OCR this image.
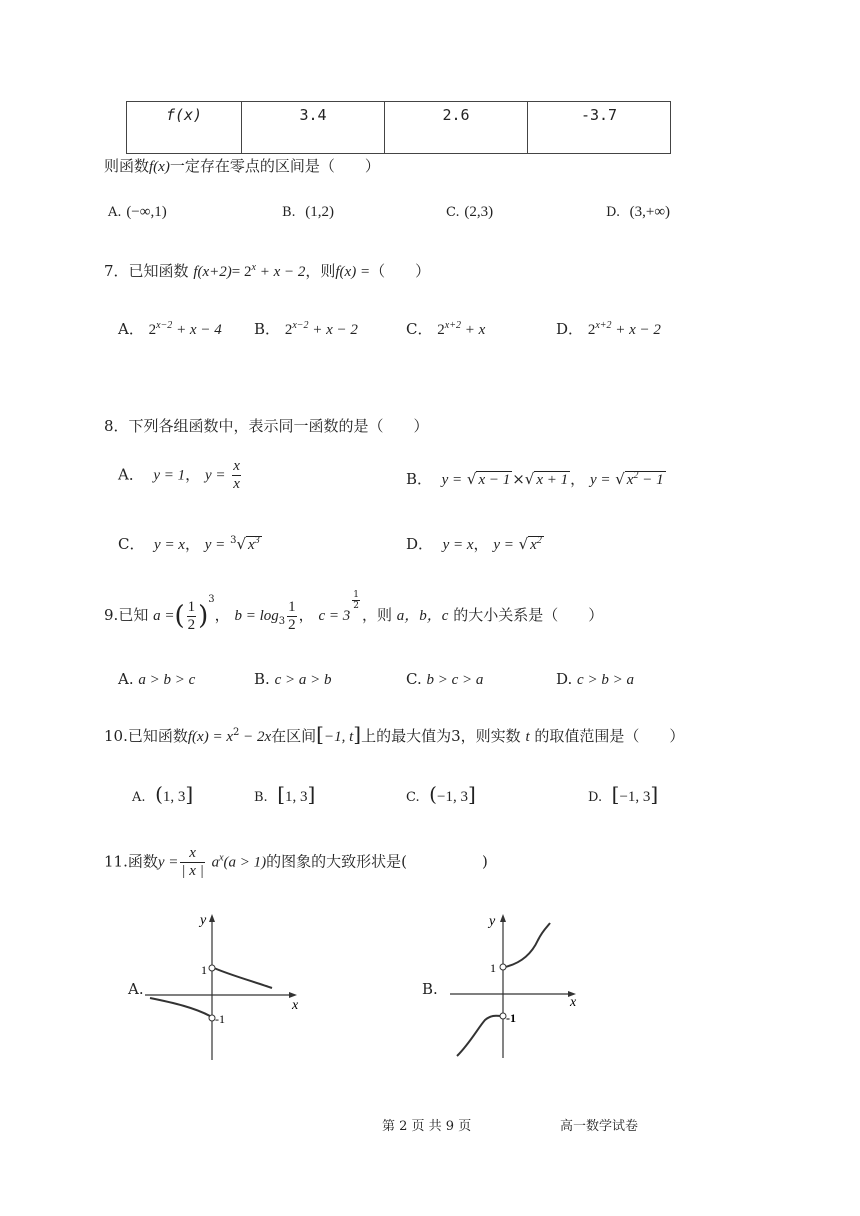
f(x)	3.4	2.6	-3.7
则函数f(x)一定存在零点的区间是（　　）
A. (−∞,1)	B. (1,2)	C. (2,3)	D. (3,+∞)
7．已知函数 $f(x+2)= 2^x + x - 2$，则f(x) =（　　）
A． $2^{x-2} + x - 4$ B． $2^{x-2} + x - 2$	C． $2^{x+2} + x$	D． $2^{x+2} + x - 2$
8．下列各组函数中，表示同一函数的是（　　）
A． y = 1， $y = \frac{x}{x}$	B． y = √ x − 1 ×√ x + 1 ， y = √ $x^2 - 1$
C． y = x， y = $^3$√ $x^3$	D． y = x， y = √ $x^2$
9.已知 a =( $\frac{1}{2} )^3$， $b = \log_3 \frac{1}{2}$ ， c = 3
$\frac{1}{2}$
，则 a，b，c 的大小关系是（　　）
A. a > b > c	B. c > a > b	C. b > c > a	D. c > b > a
10.已知函数$f(x) = x^2 - 2x$在区间[−1, t]上的最大值为3，则实数 t 的取值范围是（　　）
A. (1, 3]	B. [1, 3]	C. (−1, 3]	D. [−1, 3]
11.函数$y = \frac{x}{| x |} a^x(a > 1)$的图象的大致形状是(　　　　　)
A.
y
x
1
-1
B.
y
x
1
-1
第 2 页 共 9 页	高一数学试卷
